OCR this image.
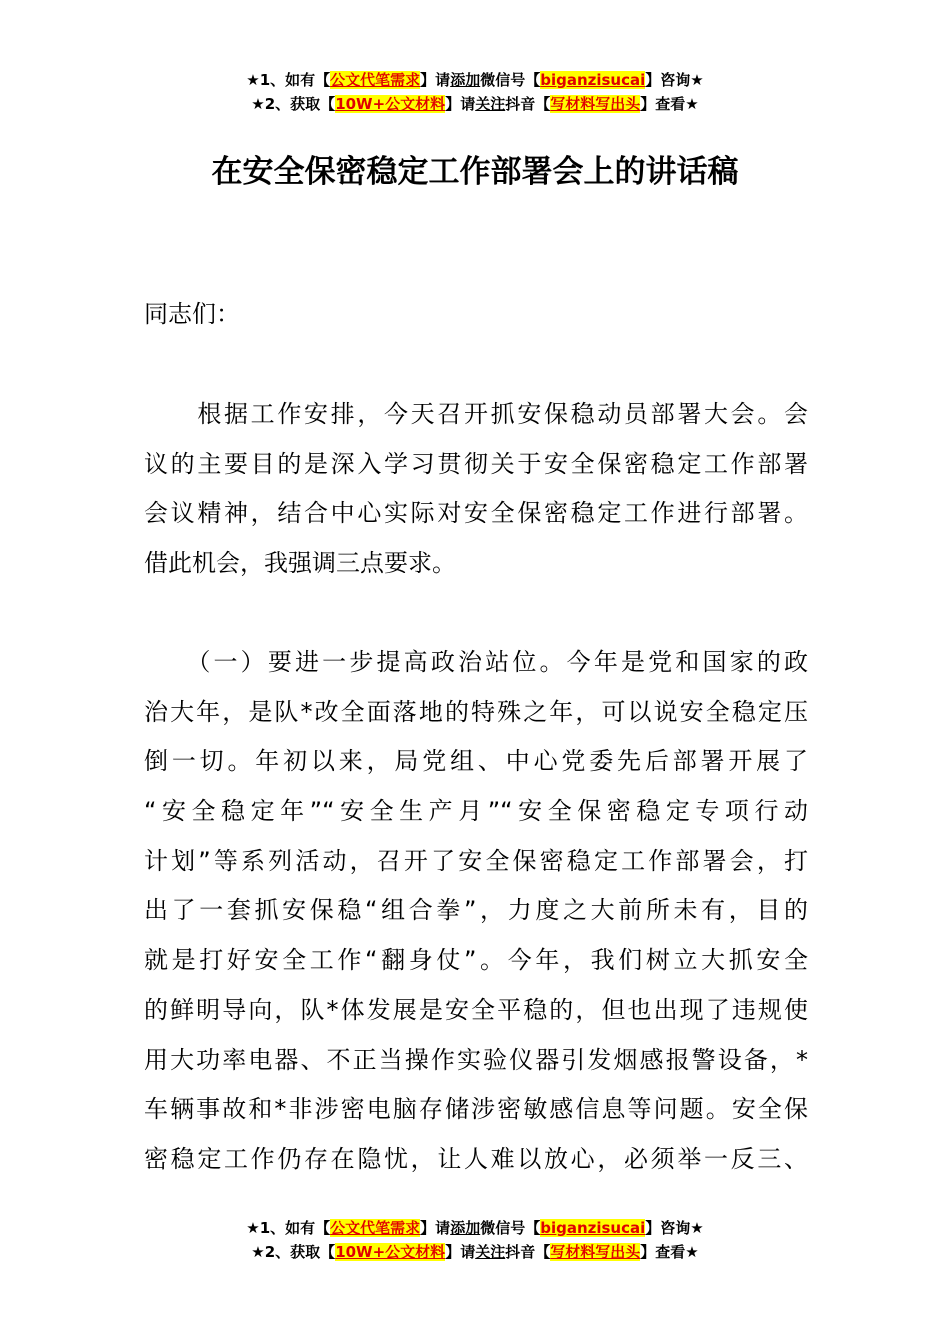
★1、如有【公文代笔需求】请添加微信号【biganzisucai】咨询★
★2、获取【10W+公文材料】请关注抖音【写材料写出头】查看★
在安全保密稳定工作部署会上的讲话稿
同志们：
　　根据工作安排，今天召开抓安保稳动员部署大会。会
议的主要目的是深入学习贯彻关于安全保密稳定工作部署
会议精神，结合中心实际对安全保密稳定工作进行部署。
借此机会，我强调三点要求。
　　（一）要进一步提高政治站位。今年是党和国家的政
治大年，是队*改全面落地的特殊之年，可以说安全稳定压
倒一切。年初以来，局党组、中心党委先后部署开展了
“安全稳定年”“安全生产月”“安全保密稳定专项行动
计划”等系列活动，召开了安全保密稳定工作部署会，打
出了一套抓安保稳“组合拳”，力度之大前所未有，目的
就是打好安全工作“翻身仗”。今年，我们树立大抓安全
的鲜明导向，队*体发展是安全平稳的，但也出现了违规使
用大功率电器、不正当操作实验仪器引发烟感报警设备，*
车辆事故和*非涉密电脑存储涉密敏感信息等问题。安全保
密稳定工作仍存在隐忧，让人难以放心，必须举一反三、
★1、如有【公文代笔需求】请添加微信号【biganzisucai】咨询★
★2、获取【10W+公文材料】请关注抖音【写材料写出头】查看★
